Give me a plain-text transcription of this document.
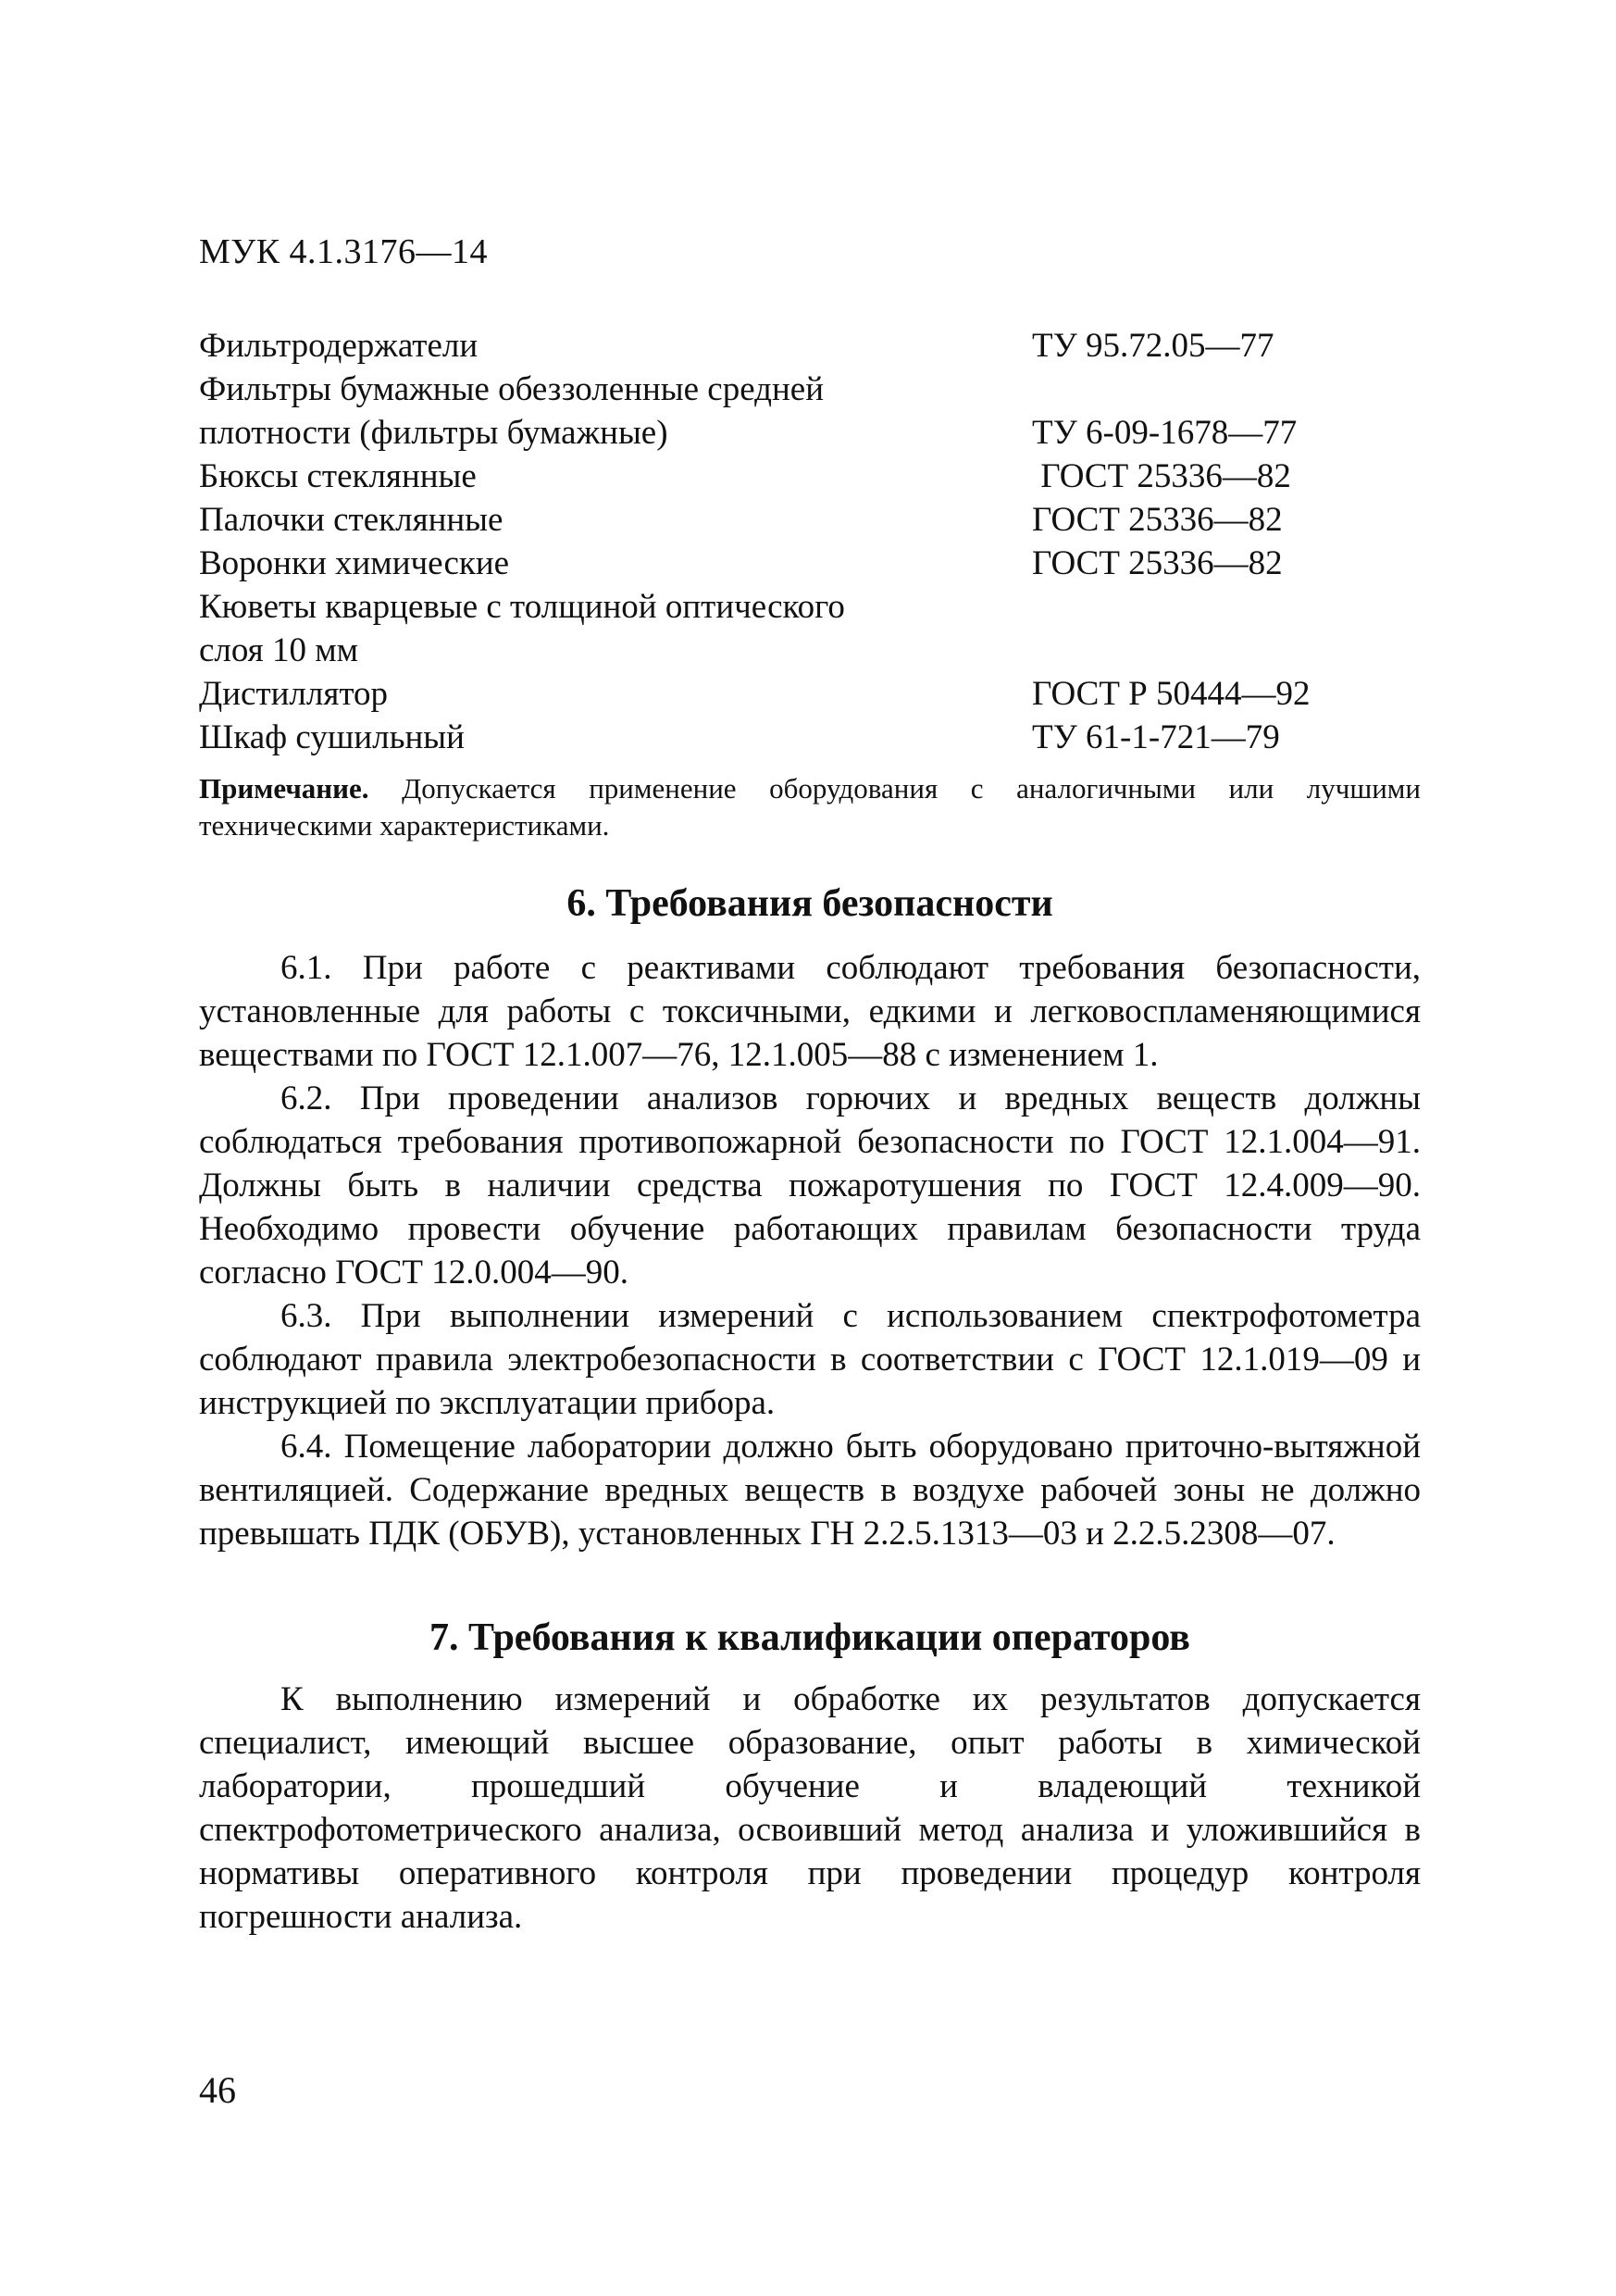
МУК 4.1.3176—14
Фильтродержатели	ТУ 95.72.05—77
Фильтры бумажные обеззоленные средней
плотности (фильтры бумажные)	ТУ 6-09-1678—77
Бюксы стеклянные	ГОСТ 25336—82
Палочки стеклянные	ГОСТ 25336—82
Воронки химические	ГОСТ 25336—82
Кюветы кварцевые с толщиной оптического
слоя 10 мм
Дистиллятор	ГОСТ Р 50444—92
Шкаф сушильный	ТУ 61-1-721—79
Примечание. Допускается применение оборудования с аналогичными или лучшими техническими характеристиками.
6. Требования безопасности

6.1. При работе с реактивами соблюдают требования безопасности, установленные для работы с токсичными, едкими и легковоспламеняющимися веществами по ГОСТ 12.1.007—76, 12.1.005—88 с изменением 1.

6.2. При проведении анализов горючих и вредных веществ должны соблюдаться требования противопожарной безопасности по ГОСТ 12.1.004—91. Должны быть в наличии средства пожаротушения по ГОСТ 12.4.009—90. Необходимо провести обучение работающих правилам безопасности труда согласно ГОСТ 12.0.004—90.

6.3. При выполнении измерений с использованием спектрофотометра соблюдают правила электробезопасности в соответствии с ГОСТ 12.1.019—09 и инструкцией по эксплуатации прибора.

6.4. Помещение лаборатории должно быть оборудовано приточно-вытяжной вентиляцией. Содержание вредных веществ в воздухе рабочей зоны не должно превышать ПДК (ОБУВ), установленных ГН 2.2.5.1313—03 и 2.2.5.2308—07.

7. Требования к квалификации операторов

К выполнению измерений и обработке их результатов допускается специалист, имеющий высшее образование, опыт работы в химической лаборатории, прошедший обучение и владеющий техникой спектрофотометрического анализа, освоивший метод анализа и уложившийся в нормативы оперативного контроля при проведении процедур контроля погрешности анализа.

46
